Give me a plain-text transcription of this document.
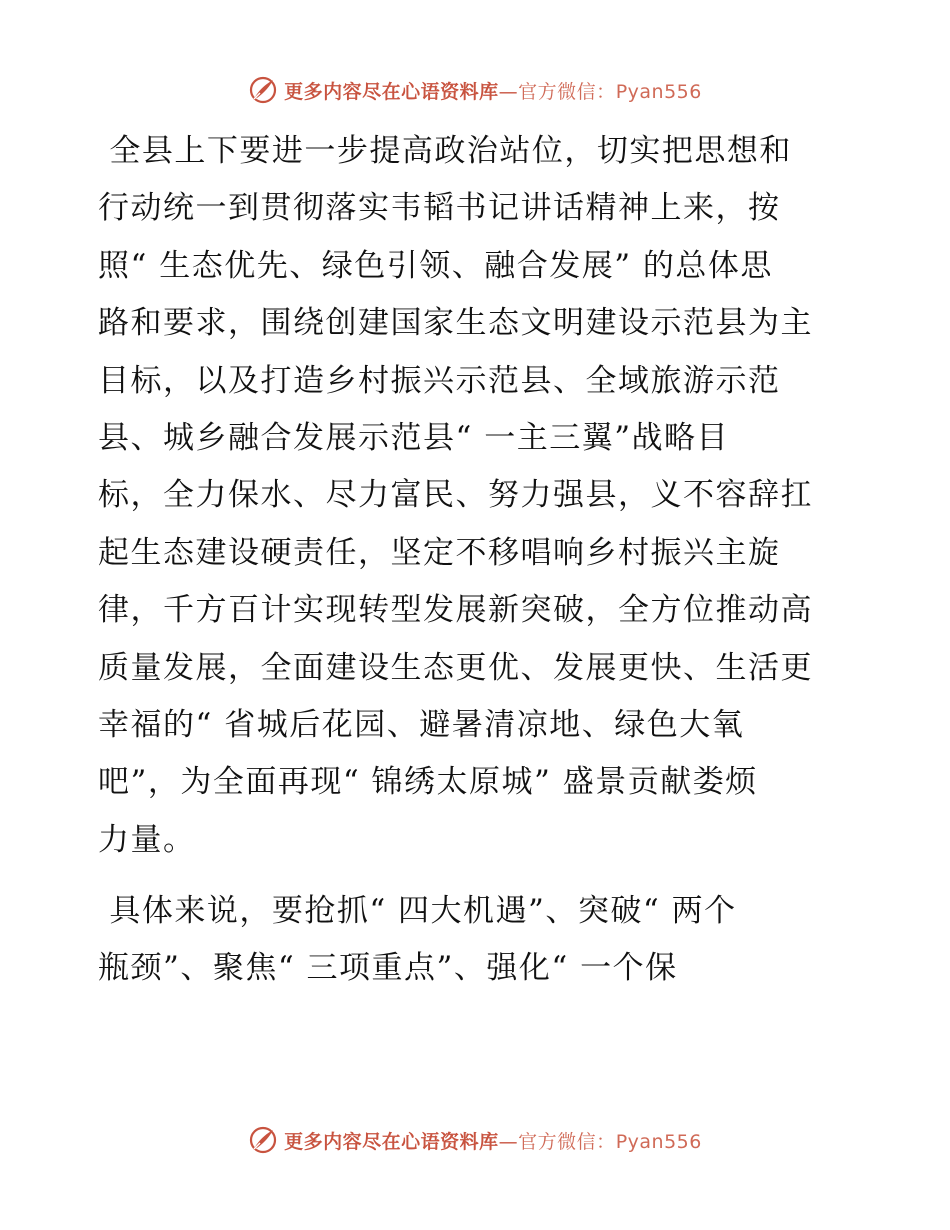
更多内容尽在心语资料库—官方微信：Pyan556
全县上下要进一步提高政治站位，切实把思想和
行动统一到贯彻落实韦韬书记讲话精神上来，按
照“ 生态优先、绿色引领、融合发展” 的总体思
路和要求，围绕创建国家生态文明建设示范县为主
目标，以及打造乡村振兴示范县、全域旅游示范
县、城乡融合发展示范县“ 一主三翼”战略目
标，全力保水、尽力富民、努力强县，义不容辞扛
起生态建设硬责任，坚定不移唱响乡村振兴主旋
律，千方百计实现转型发展新突破，全方位推动高
质量发展，全面建设生态更优、发展更快、生活更
幸福的“ 省城后花园、避暑清凉地、绿色大氧
吧”，为全面再现“ 锦绣太原城” 盛景贡献娄烦
力量。
具体来说，要抢抓“ 四大机遇”、突破“ 两个
瓶颈”、聚焦“ 三项重点”、强化“ 一个保
更多内容尽在心语资料库—官方微信：Pyan556
